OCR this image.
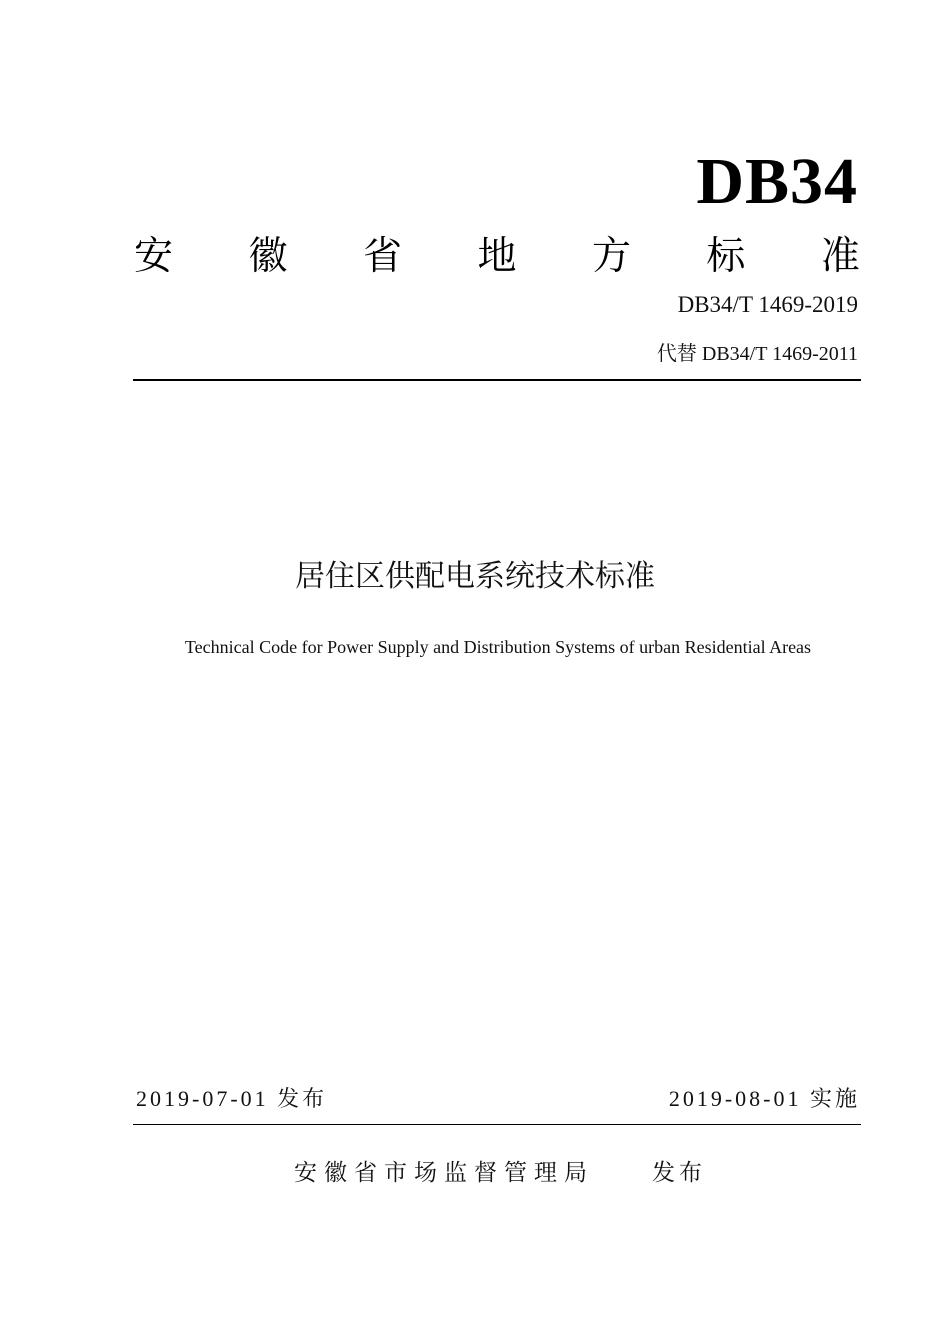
DB34
安 徽 省 地 方 标 准
DB34/T 1469-2019
代替 DB34/T 1469-2011
居住区供配电系统技术标准
Technical Code for Power Supply and Distribution Systems of urban Residential Areas
2019-07-01 发布	2019-08-01 实施
安徽省市场监督管理局	发布
